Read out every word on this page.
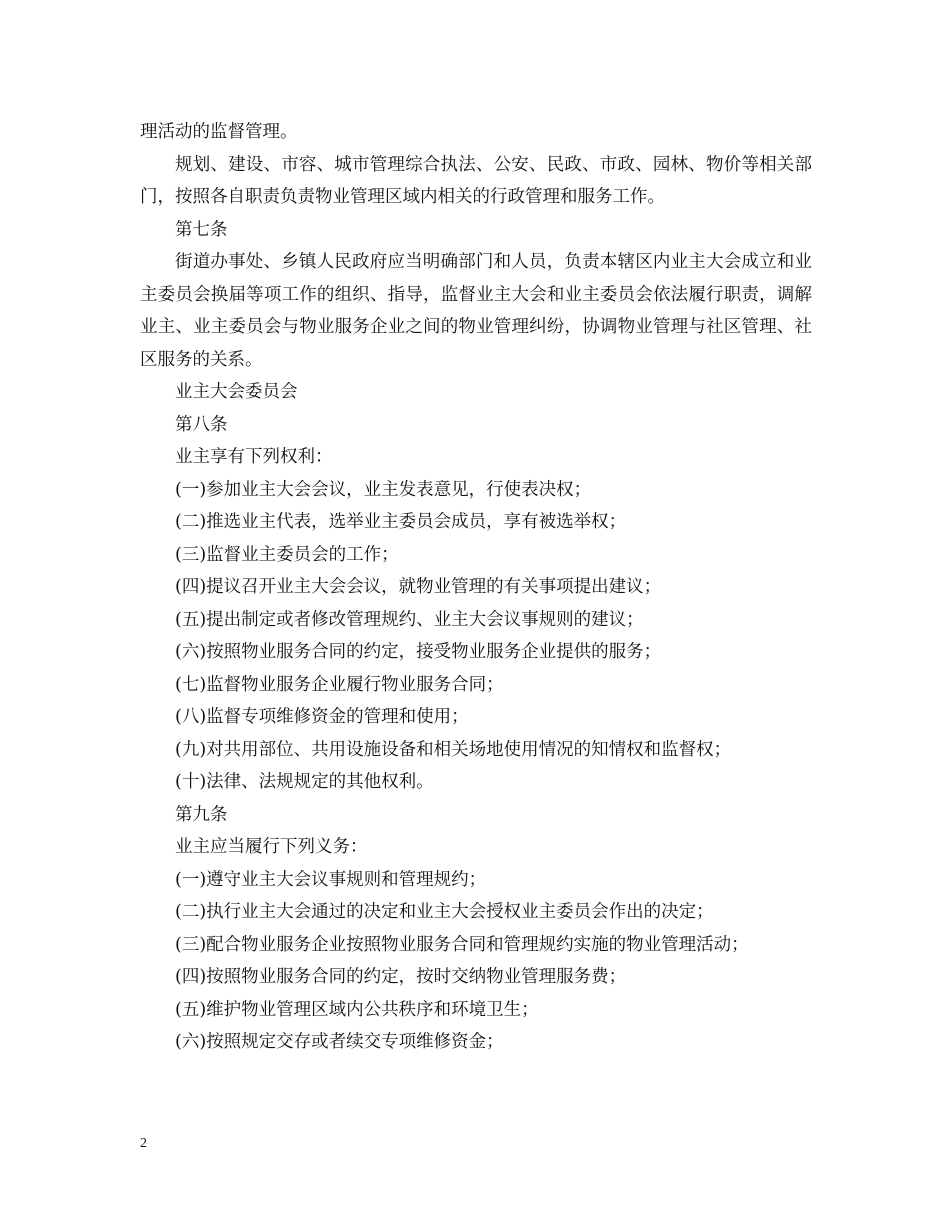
理活动的监督管理。

规划、建设、市容、城市管理综合执法、公安、民政、市政、园林、物价等相关部门，按照各自职责负责物业管理区域内相关的行政管理和服务工作。

第七条

街道办事处、乡镇人民政府应当明确部门和人员，负责本辖区内业主大会成立和业主委员会换届等项工作的组织、指导，监督业主大会和业主委员会依法履行职责，调解业主、业主委员会与物业服务企业之间的物业管理纠纷，协调物业管理与社区管理、社区服务的关系。

业主大会委员会

第八条

业主享有下列权利：

(一)参加业主大会会议，业主发表意见，行使表决权；

(二)推选业主代表，选举业主委员会成员，享有被选举权；

(三)监督业主委员会的工作；

(四)提议召开业主大会会议，就物业管理的有关事项提出建议；

(五)提出制定或者修改管理规约、业主大会议事规则的建议；

(六)按照物业服务合同的约定，接受物业服务企业提供的服务；

(七)监督物业服务企业履行物业服务合同；

(八)监督专项维修资金的管理和使用；

(九)对共用部位、共用设施设备和相关场地使用情况的知情权和监督权；

(十)法律、法规规定的其他权利。

第九条

业主应当履行下列义务：

(一)遵守业主大会议事规则和管理规约；

(二)执行业主大会通过的决定和业主大会授权业主委员会作出的决定；

(三)配合物业服务企业按照物业服务合同和管理规约实施的物业管理活动；

(四)按照物业服务合同的约定，按时交纳物业管理服务费；

(五)维护物业管理区域内公共秩序和环境卫生；

(六)按照规定交存或者续交专项维修资金；

2
